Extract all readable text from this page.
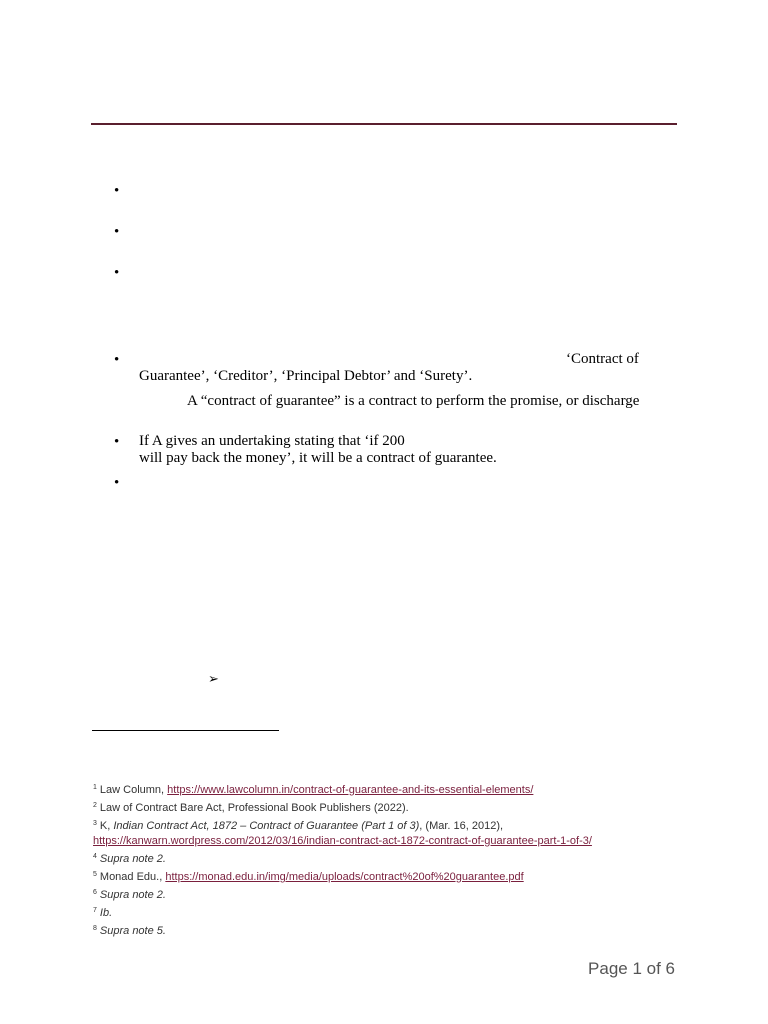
•
•
•
•
•
•
‘Contract of
Guarantee’, ‘Creditor’, ‘Principal Debtor’ and ‘Surety’.
A “contract of guarantee” is a contract to perform the promise, or discharge
If A gives an undertaking stating that ‘if 200
will pay back the money’, it will be a contract of guarantee.
➢
$^1$ Law Column, https://www.lawcolumn.in/contract-of-guarantee-and-its-essential-elements/
$^2$ Law of Contract Bare Act, Professional Book Publishers (2022).
$^3$ K, Indian Contract Act, 1872 – Contract of Guarantee (Part 1 of 3), (Mar. 16, 2012),
https://kanwarn.wordpress.com/2012/03/16/indian-contract-act-1872-contract-of-guarantee-part-1-of-3/
$^4$ Supra note 2.
$^5$ Monad Edu., https://monad.edu.in/img/media/uploads/contract%20of%20guarantee.pdf
$^6$ Supra note 2.
$^7$ Ib.
$^8$ Supra note 5.
Page 1 of 6
